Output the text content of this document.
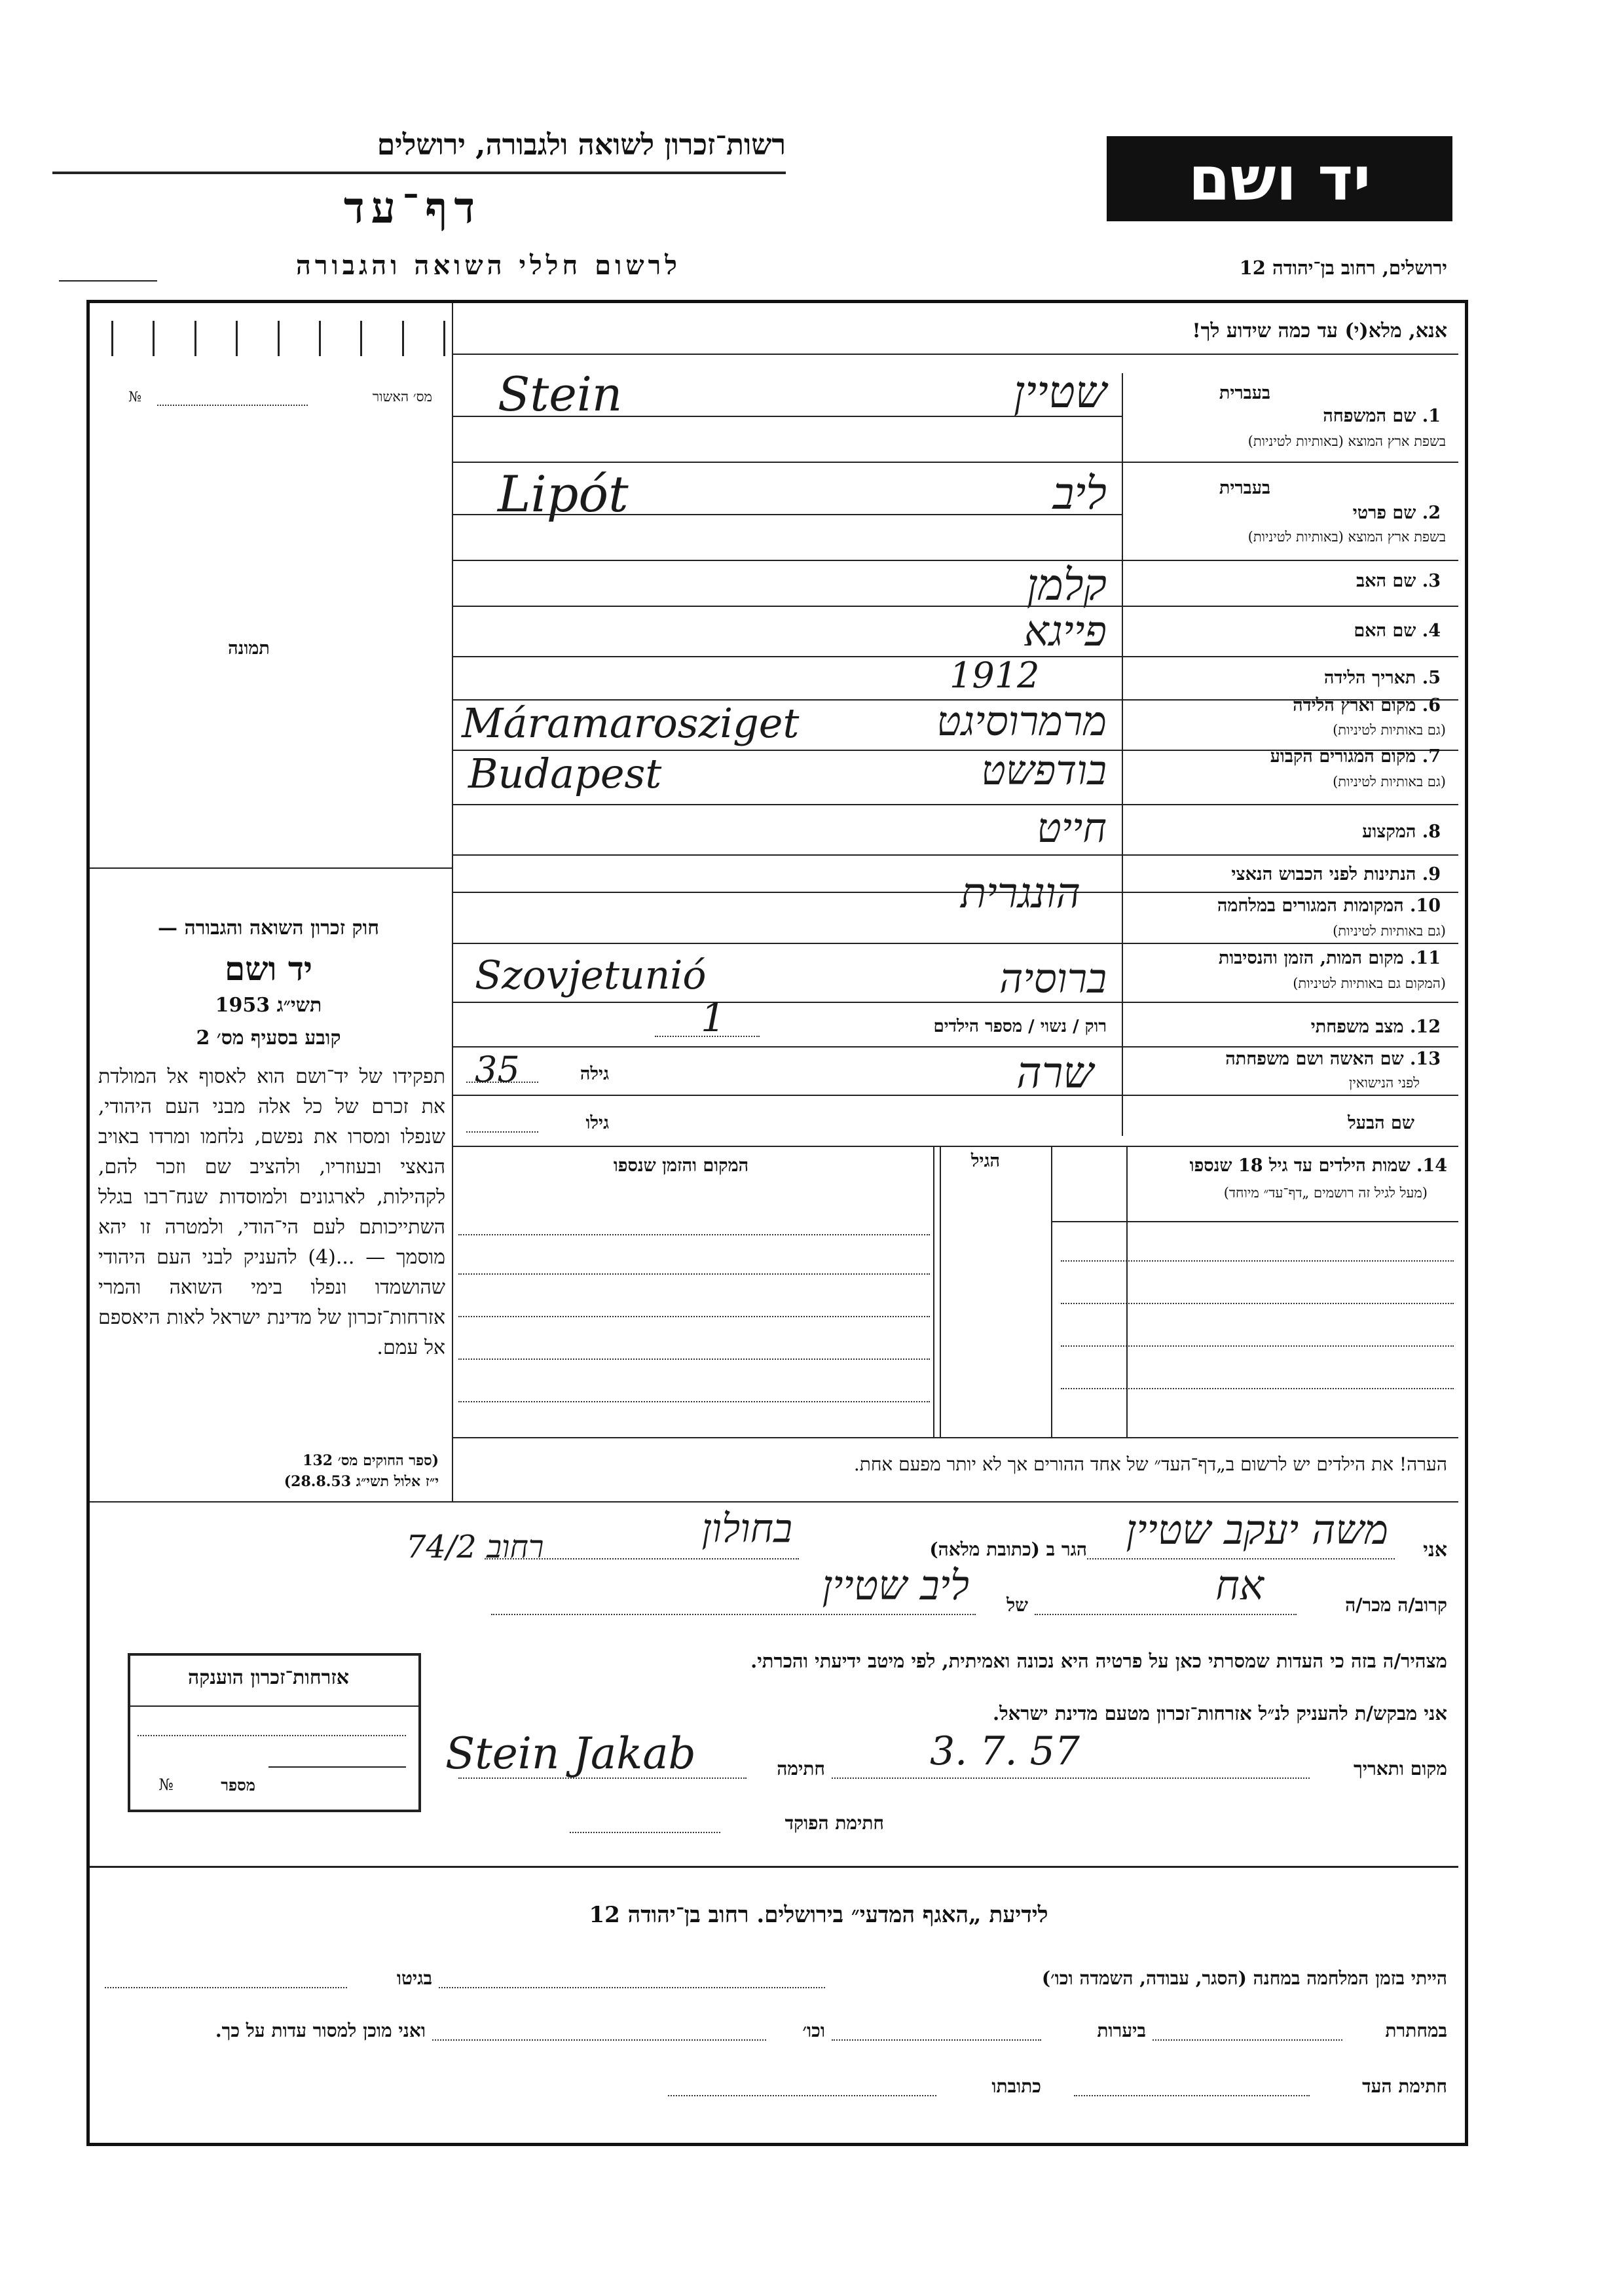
רשות־זכרון לשואה ולגבורה, ירושלים
דף־עד
לרשום חללי השואה והגבורה
יד ושם
ירושלים, רחוב בן־יהודה 12
אנא, מלא(י) עד כמה שידוע לך!
מס׳ האשור
№
תמונה
בעברית
1. שם המשפחה
בשפת ארץ המוצא (באותיות לטיניות)
שטיין
Stein
בעברית
2. שם פרטי
בשפת ארץ המוצא (באותיות לטיניות)
ליב
Lipót
3. שם האב
קלמן
4. שם האם
פייגא
5. תאריך הלידה
1912
6. מקום וארץ הלידה
(גם באותיות לטיניות)
מרמרוסיגט
Máramarosziget
7. מקום המגורים הקבוע
(גם באותיות לטיניות)
בודפשט
Budapest
8. המקצוע
חייט
9. הנתינות לפני הכבוש הנאצי
הונגרית	10. המקומות המגורים במלחמה
(גם באותיות לטיניות)
11. מקום המות, הזמן והנסיבות
(המקום גם באותיות לטיניות)
ברוסיה
Szovjetunió
12. מצב משפחתי
רוק / נשוי / מספר הילדים
1
13. שם האשה ושם משפחתה
לפני הנישואין
שרה
גילה
35
שם הבעל
גילו
14. שמות הילדים עד גיל 18 שנספו
(מעל לגיל זה רושמים „דף־עד״ מיוחד)
הגיל
המקום והזמן שנספו
הערה! את הילדים יש לרשום ב„דף־העד״ של אחד ההורים אך לא יותר מפעם אחת.
חוק זכרון השואה והגבורה —
יד ושם
תשי״ג 1953
קובע בסעיף מס׳ 2
תפקידו של יד־ושם הוא לאסוף אל המולדת את זכרם של כל אלה מבני העם היהודי, שנפלו ומסרו את נפשם, נלחמו ומרדו באויב הנאצי ובעוזריו, ולהציב שם וזכר להם, לקהילות, לארגונים ולמוסדות שנח־רבו בגלל השתייכותם לעם הי־הודי, ולמטרה זו יהא מוסמך — ...(4) להעניק לבני העם היהודי שהושמדו ונפלו בימי השואה והמרי אזרחות־זכרון של מדינת ישראל לאות היאספם אל עמם.
(ספר החוקים מס׳ 132
י״ז אלול תשי״ג 28.8.53)
אני
משה יעקב שטיין
הגר ב (כתובת מלאה)
בחולון
74/2 רחוב
קרוב/ה מכר/ה
אח
של
ליב שטיין
מצהיר/ה בזה כי העדות שמסרתי כאן על פרטיה היא נכונה ואמיתית, לפי מיטב ידיעתי והכרתי.
אני מבקש/ת להעניק לנ״ל אזרחות־זכרון מטעם מדינת ישראל.
מקום ותאריך
3. 7. 57
חתימה
Stein Jakab
חתימת הפוקד
אזרחות־זכרון הוענקה
מספר
№
לידיעת „האגף המדעי״ בירושלים. רחוב בן־יהודה 12
הייתי בזמן המלחמה במחנה (הסגר, עבודה, השמדה וכו׳)
בגיטו
במחתרת
ביערות
וכו׳
ואני מוכן למסור עדות על כך.
חתימת העד
כתובתו
